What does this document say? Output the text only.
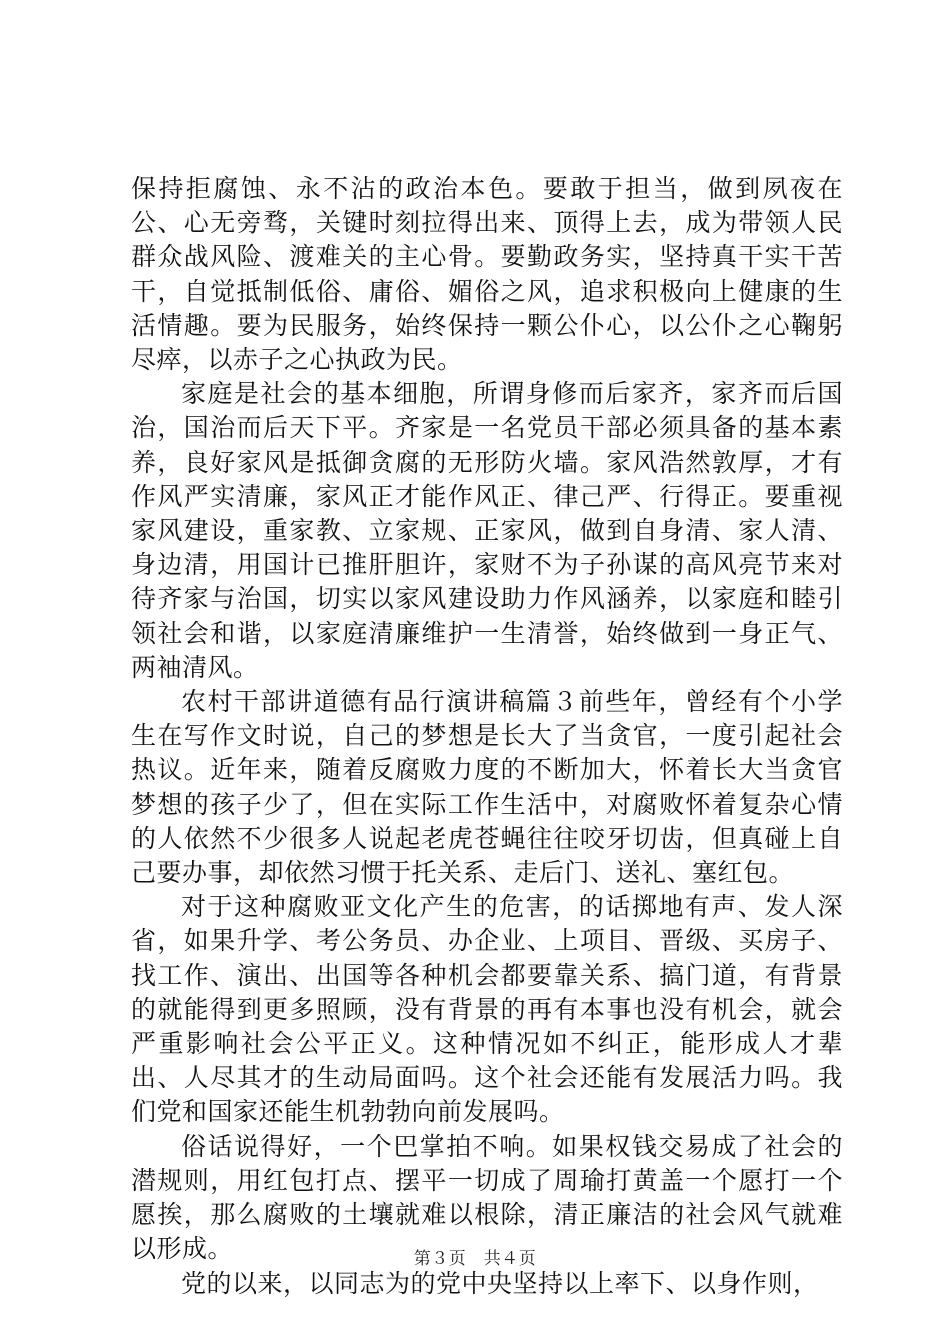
保持拒腐蚀、永不沾的政治本色。要敢于担当，做到夙夜在公、心无旁骛，关键时刻拉得出来、顶得上去，成为带领人民群众战风险、渡难关的主心骨。要勤政务实，坚持真干实干苦干，自觉抵制低俗、庸俗、媚俗之风，追求积极向上健康的生活情趣。要为民服务，始终保持一颗公仆心，以公仆之心鞠躬尽瘁，以赤子之心执政为民。

家庭是社会的基本细胞，所谓身修而后家齐，家齐而后国治，国治而后天下平。齐家是一名党员干部必须具备的基本素养，良好家风是抵御贪腐的无形防火墙。家风浩然敦厚，才有作风严实清廉，家风正才能作风正、律己严、行得正。要重视家风建设，重家教、立家规、正家风，做到自身清、家人清、身边清，用国计已推肝胆许，家财不为子孙谋的高风亮节来对待齐家与治国，切实以家风建设助力作风涵养，以家庭和睦引领社会和谐，以家庭清廉维护一生清誉，始终做到一身正气、两袖清风。

农村干部讲道德有品行演讲稿篇３前些年，曾经有个小学生在写作文时说，自己的梦想是长大了当贪官，一度引起社会热议。近年来，随着反腐败力度的不断加大，怀着长大当贪官梦想的孩子少了，但在实际工作生活中，对腐败怀着复杂心情的人依然不少很多人说起老虎苍蝇往往咬牙切齿，但真碰上自己要办事，却依然习惯于托关系、走后门、送礼、塞红包。

对于这种腐败亚文化产生的危害，的话掷地有声、发人深省，如果升学、考公务员、办企业、上项目、晋级、买房子、找工作、演出、出国等各种机会都要靠关系、搞门道，有背景的就能得到更多照顾，没有背景的再有本事也没有机会，就会严重影响社会公平正义。这种情况如不纠正，能形成人才辈出、人尽其才的生动局面吗。这个社会还能有发展活力吗。我们党和国家还能生机勃勃向前发展吗。

俗话说得好，一个巴掌拍不响。如果权钱交易成了社会的潜规则，用红包打点、摆平一切成了周瑜打黄盖一个愿打一个愿挨，那么腐败的土壤就难以根除，清正廉洁的社会风气就难以形成。

党的以来，以同志为的党中央坚持以上率下、以身作则，

第３页　共４页
